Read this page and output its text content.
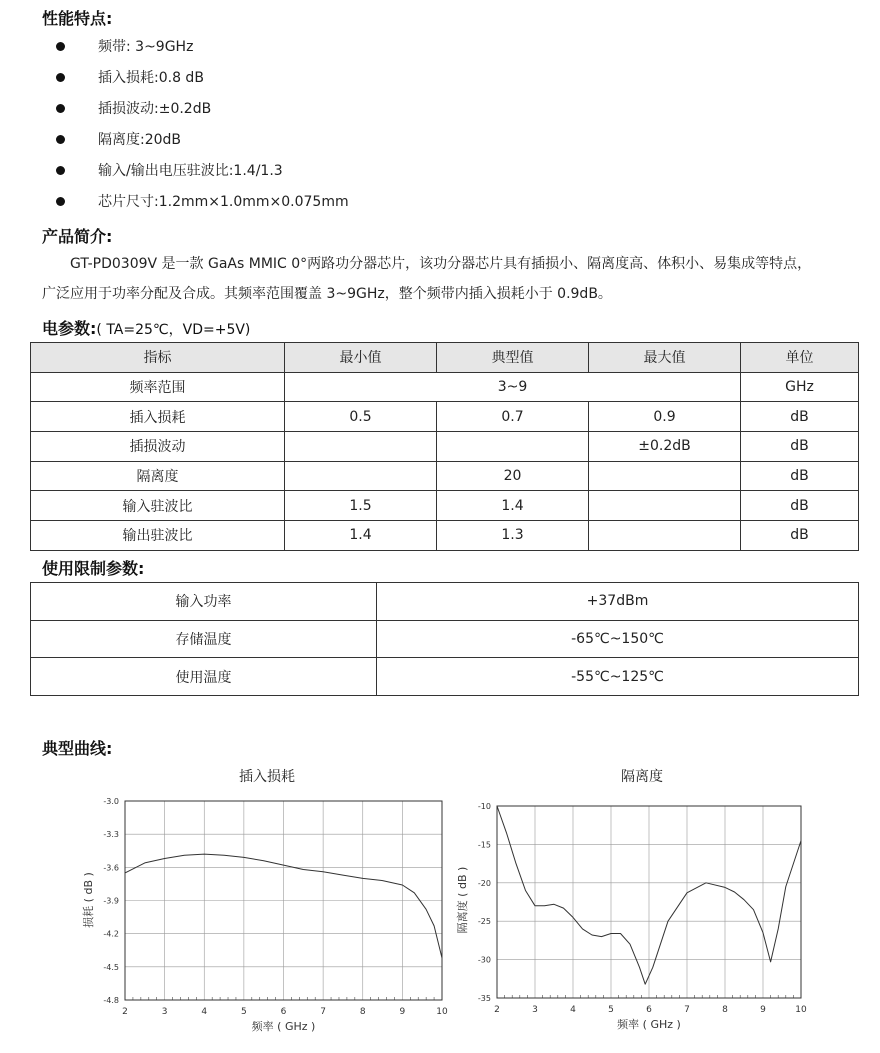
性能特点:
频带: 3~9GHz
插入损耗:0.8 dB
插损波动:±0.2dB
隔离度:20dB
输入/输出电压驻波比:1.4/1.3
芯片尺寸:1.2mm×1.0mm×0.075mm
产品简介:
GT-PD0309V 是一款 GaAs MMIC 0°两路功分器芯片，该功分器芯片具有插损小、隔离度高、体积小、易集成等特点，
广泛应用于功率分配及合成。其频率范围覆盖 3~9GHz，整个频带内插入损耗小于 0.9dB。
电参数:( TA=25℃，VD=+5V)
指标	最小值	典型值	最大值	单位
频率范围	3~9			GHz
插入损耗	0.5	0.7	0.9	dB
插损波动			±0.2dB	dB
隔离度		20		dB
输入驻波比	1.5	1.4		dB
输出驻波比	1.4	1.3		dB
使用限制参数:
输入功率	+37dBm
存储温度	-65℃~150℃
使用温度	-55℃~125℃
典型曲线:
插入损耗	隔离度
2	3	4	5	6	7	8	9	10
-3.0
-3.3
-3.6
-3.9
-4.2
-4.5
-4.8
频率 ( GHz )
损耗 ( dB )
2	3	4	5	6	7	8	9	10
-10
-15
-20
-25
-30
-35
频率 ( GHz )
隔离度 ( dB )
